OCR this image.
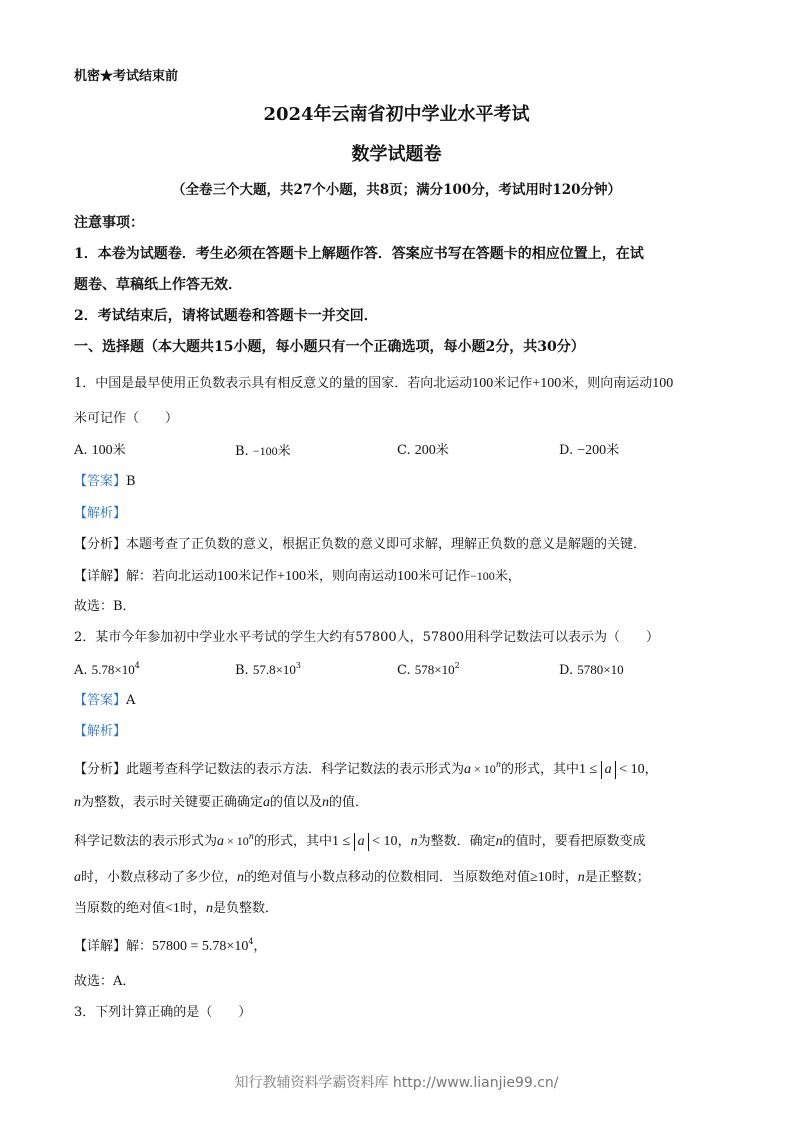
机密★考试结束前
2024年云南省初中学业水平考试
数学试题卷
（全卷三个大题，共27个小题，共8页；满分100分，考试用时120分钟）
注意事项：
1．本卷为试题卷．考生必须在答题卡上解题作答．答案应书写在答题卡的相应位置上，在试
题卷、草稿纸上作答无效．
2．考试结束后，请将试题卷和答题卡一并交回．
一、选择题（本大题共15小题，每小题只有一个正确选项，每小题2分，共30分）
1．中国是最早使用正负数表示具有相反意义的量的国家．若向北运动100米记作+100米，则向南运动100
米可记作（　　）
A. 100米	B. −100米	C. 200米	D. −200米
【答案】B
【解析】
【分析】本题考查了正负数的意义，根据正负数的意义即可求解，理解正负数的意义是解题的关键．
【详解】解：若向北运动100米记作+100米，则向南运动100米可记作−100米，
故选：B．
2．某市今年参加初中学业水平考试的学生大约有57800人，57800用科学记数法可以表示为（　　）
A. $5.78\times 10^4$	B. $57.8\times 10^3$	C. $578\times 10^2$	D. 5780×10
【答案】A
【解析】
【分析】此题考查科学记数法的表示方法．科学记数法的表示形式为$a \times 10^n$的形式，其中1 ≤ a < 10，
n为整数，表示时关键要正确确定a的值以及n的值．
科学记数法的表示形式为$a \times 10^n$的形式，其中1 ≤ a < 10，n为整数．确定n的值时，要看把原数变成
a时，小数点移动了多少位，n的绝对值与小数点移动的位数相同．当原数绝对值≥10时，n是正整数；
当原数的绝对值<1时，n是负整数．
【详解】解：$57800 = 5.78\times 10^4$，
故选：A．
3．下列计算正确的是（　　）
知行教辅资料学霸资料库 http://www.lianjie99.cn/
